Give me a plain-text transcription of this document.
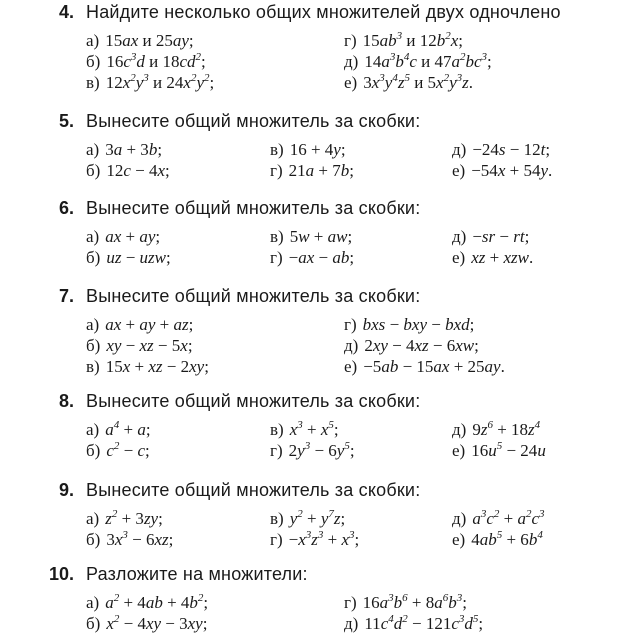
4. Найдите несколько общих множителей двух одночлено
а) 15ax и 25ay;	г) $15ab^3$ и $12b^2x$;
б) $16c^3d$ и $18cd^2$;	д) $14a^3b^4c$ и $47a^2bc^3$;
в) $12x^2y^3$ и $24x^2y^2$;	е) $3x^3y^4z^5$ и $5x^2y^3z$.
5. Вынесите общий множитель за скобки:
а) 3a + 3b;	в) 16 + 4y;	д) −24s − 12t;
б) 12c − 4x;	г) 21a + 7b;	е) −54x + 54y.
6. Вынесите общий множитель за скобки:
а) ax + ay;	в) 5w + aw;	д) −sr − rt;
б) uz − uzw;	г) −ax − ab;	е) xz + xzw.
7. Вынесите общий множитель за скобки:
а) ax + ay + az;	г) bxs − bxy − bxd;
б) xy − xz − 5x;	д) 2xy − 4xz − 6xw;
в) 15x + xz − 2xy;	е) −5ab − 15ax + 25ay.
8. Вынесите общий множитель за скобки:
а) $a^4 + a$;	в) $x^3 + x^5$;	д) $9z^6 + 18z^4$
б) $c^2 - c$;	г) $2y^3 - 6y^5$;	е) $16u^5 - 24u$
9. Вынесите общий множитель за скобки:
а) $z^2 + 3zy$;	в) $y^2 + y^7z$;	д) $a^3c^2 + a^2c^3$
б) $3x^3 - 6xz$;	$г) -x^3z^3 + x^3$;	е) $4ab^5 + 6b^4$
10. Разложите на множители:
а) $a^2 + 4ab + 4b^2$;	г) $16a^3b^6 + 8a^6b^3$;
б) $x^2 - 4xy - 3xy$;	д) $11c^4d^2 - 121c^3d^5$;
